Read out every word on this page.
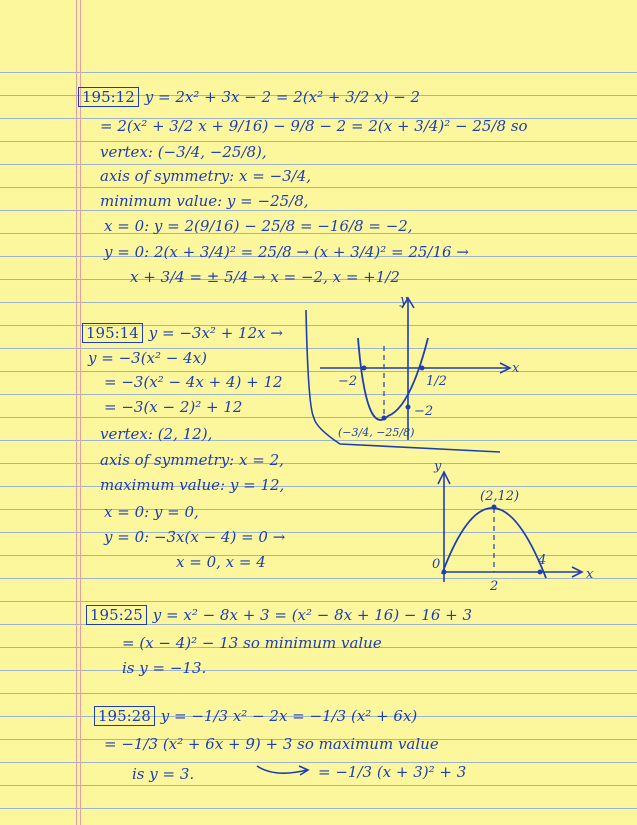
195:12 y = 2x² + 3x − 2 = 2(x² + 3/2 x) − 2
= 2(x² + 3/2 x + 9/16) − 9/8 − 2 = 2(x + 3/4)² − 25/8 so
vertex: (−3/4, −25/8),
axis of symmetry: x = −3/4,
minimum value: y = −25/8,
x = 0: y = 2(9/16) − 25/8 = −16/8 = −2,
y = 0: 2(x + 3/4)² = 25/8 → (x + 3/4)² = 25/16 →
x + 3/4 = ± 5/4 → x = −2, x = +1/2
195:14 y = −3x² + 12x →
y = −3(x² − 4x)
= −3(x² − 4x + 4) + 12
= −3(x − 2)² + 12
vertex: (2, 12),
axis of symmetry: x = 2,
maximum value: y = 12,
x = 0: y = 0,
y = 0: −3x(x − 4) = 0 →
x = 0, x = 4
195:25 y = x² − 8x + 3 = (x² − 8x + 16) − 16 + 3
= (x − 4)² − 13 so minimum value
is y = −13.
195:28 y = −1/3 x² − 2x = −1/3 (x² + 6x)
= −1/3 (x² + 6x + 9) + 3 so maximum value
is y = 3.	= −1/3 (x + 3)² + 3
y
x
−2	1/2
−2
(−3/4, −25/8)
y
x
0
2
4
(2,12)
